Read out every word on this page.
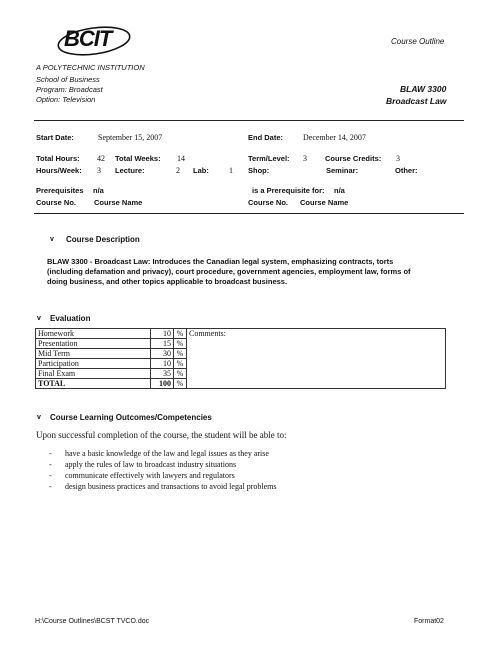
BCIT
A POLYTECHNIC INSTITUTION
School of Business
Program: Broadcast
Option: Television
Course Outline
BLAW 3300
Broadcast Law
Start Date:	September 15, 2007	End Date: December 14, 2007
Total Hours: 42 Total Weeks: 14	Term/Level: 3 Course Credits: 3
Hours/Week: 3 Lecture:	2 Lab:	1 Shop:	Seminar:	Other:
Prerequisites n/a	is a Prerequisite for: n/a
Course No. Course Name	Course No. Course Name
v Course Description
BLAW 3300 - Broadcast Law: Introduces the Canadian legal system, emphasizing contracts, torts
(including defamation and privacy), court procedure, government agencies, employment law, forms of
doing business, and other topics applicable to broadcast business.
v Evaluation
Homework	10	%	Comments:
Presentation	15	%	
Mid Term	30	%	
Participation	10	%	
Final Exam	35	%	
TOTAL	100	%	
v Course Learning Outcomes/Competencies
Upon successful completion of the course, the student will be able to:
- have a basic knowledge of the law and legal issues as they arise
- apply the rules of law to broadcast industry situations
- communicate effectively with lawyers and regulators
- design business practices and transactions to avoid legal problems
H:\Course Outlines\BCST TVCO.doc	Format02
